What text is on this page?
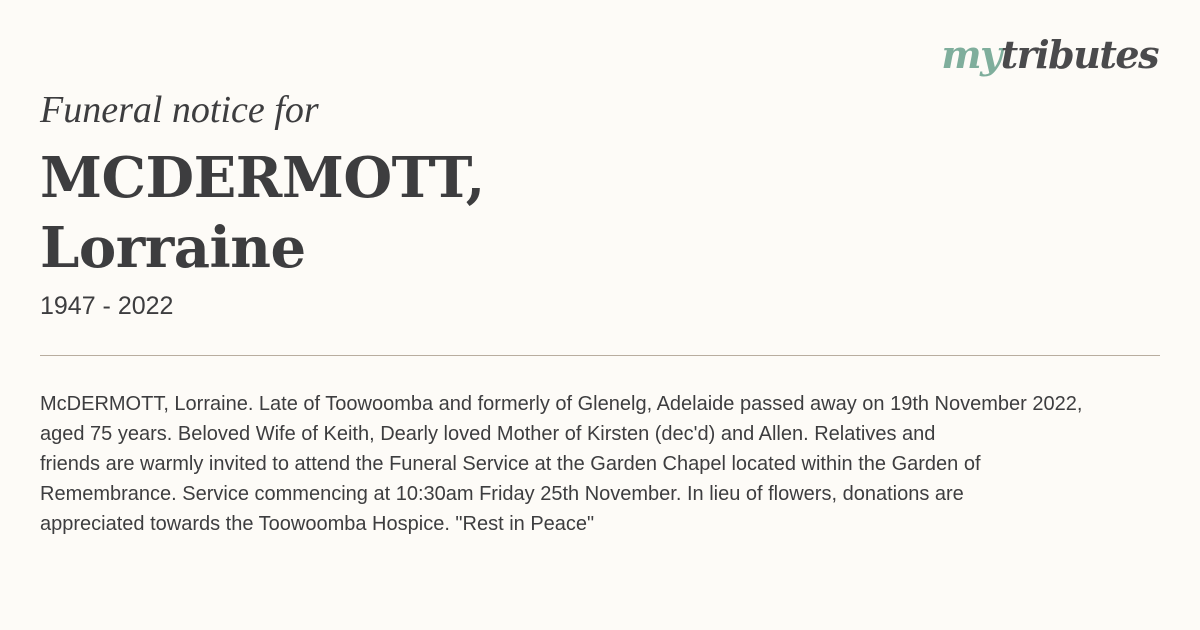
mytributes
Funeral notice for
MCDERMOTT,
Lorraine
1947 - 2022
McDERMOTT, Lorraine. Late of Toowoomba and formerly of Glenelg, Adelaide passed away on 19th November 2022,
aged 75 years. Beloved Wife of Keith, Dearly loved Mother of Kirsten (dec'd) and Allen. Relatives and
friends are warmly invited to attend the Funeral Service at the Garden Chapel located within the Garden of
Remembrance. Service commencing at 10:30am Friday 25th November. In lieu of flowers, donations are
appreciated towards the Toowoomba Hospice. "Rest in Peace"
